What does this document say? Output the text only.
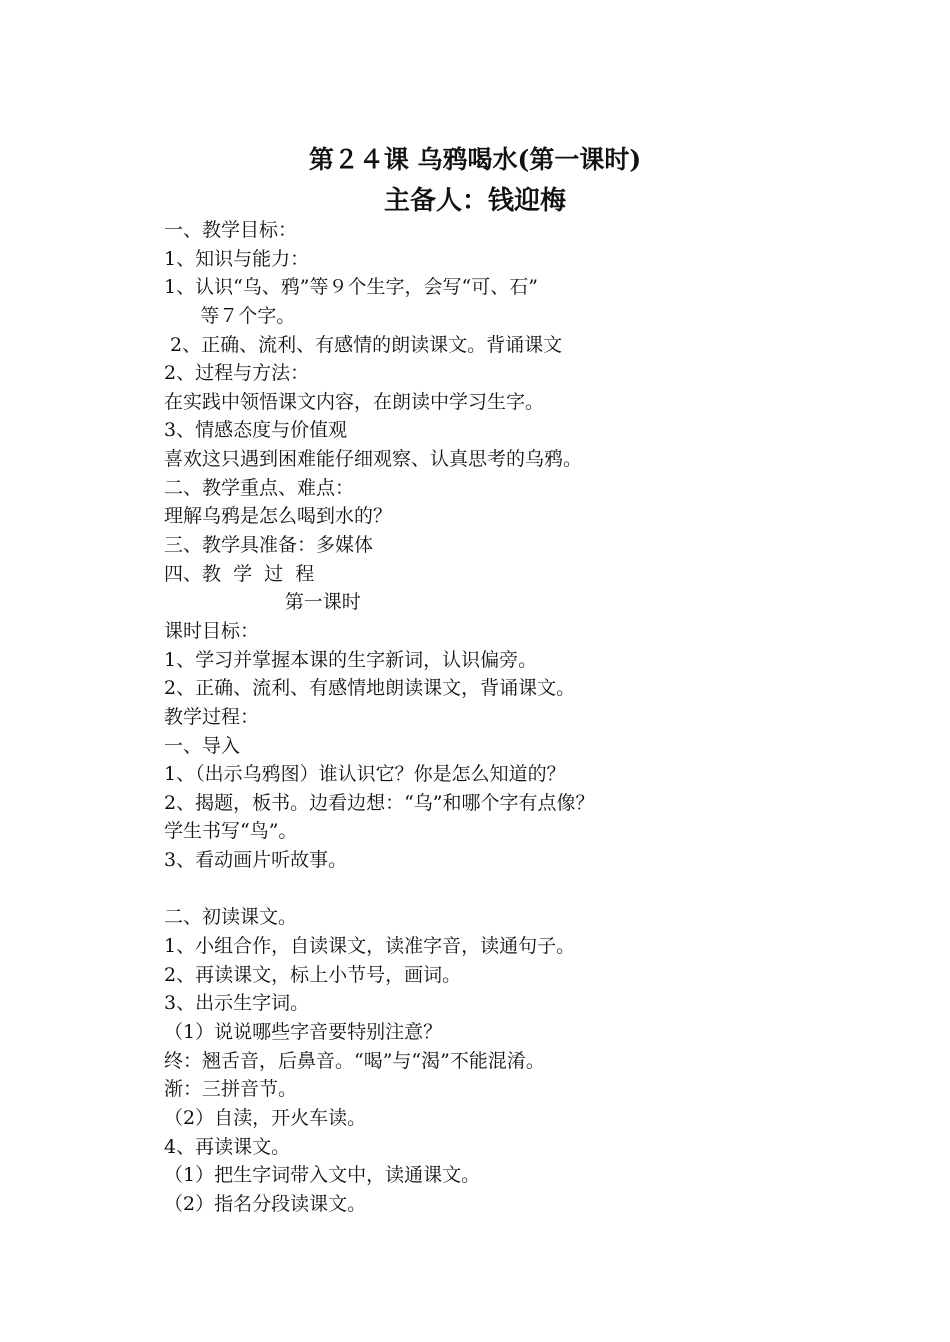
第２４课 乌鸦喝水(第一课时)
主备人：钱迎梅
一、教学目标：
1、知识与能力：
1、认识“乌、鸦”等９个生字，会写“可、石”
等７个字。
2、正确、流利、有感情的朗读课文。背诵课文
2、过程与方法：
在实践中领悟课文内容，在朗读中学习生字。
3、情感态度与价值观
喜欢这只遇到困难能仔细观察、认真思考的乌鸦。
二、教学重点、难点：
理解乌鸦是怎么喝到水的？
三、教学具准备：多媒体
四、教  学  过  程
第一课时
课时目标：
1、学习并掌握本课的生字新词，认识偏旁。
2、正确、流利、有感情地朗读课文，背诵课文。
教学过程：
一、导入
1、（出示乌鸦图）谁认识它？你是怎么知道的？
2、揭题，板书。边看边想：“乌”和哪个字有点像？
学生书写“鸟”。
3、看动画片听故事。
二、初读课文。
1、小组合作，自读课文，读准字音，读通句子。
2、再读课文，标上小节号，画词。
3、出示生字词。
（1）说说哪些字音要特别注意？
终：翘舌音，后鼻音。“喝”与“渴”不能混淆。
渐：三拼音节。
（2）自渎，开火车读。
4、再读课文。
（1）把生字词带入文中，读通课文。
（2）指名分段读课文。
